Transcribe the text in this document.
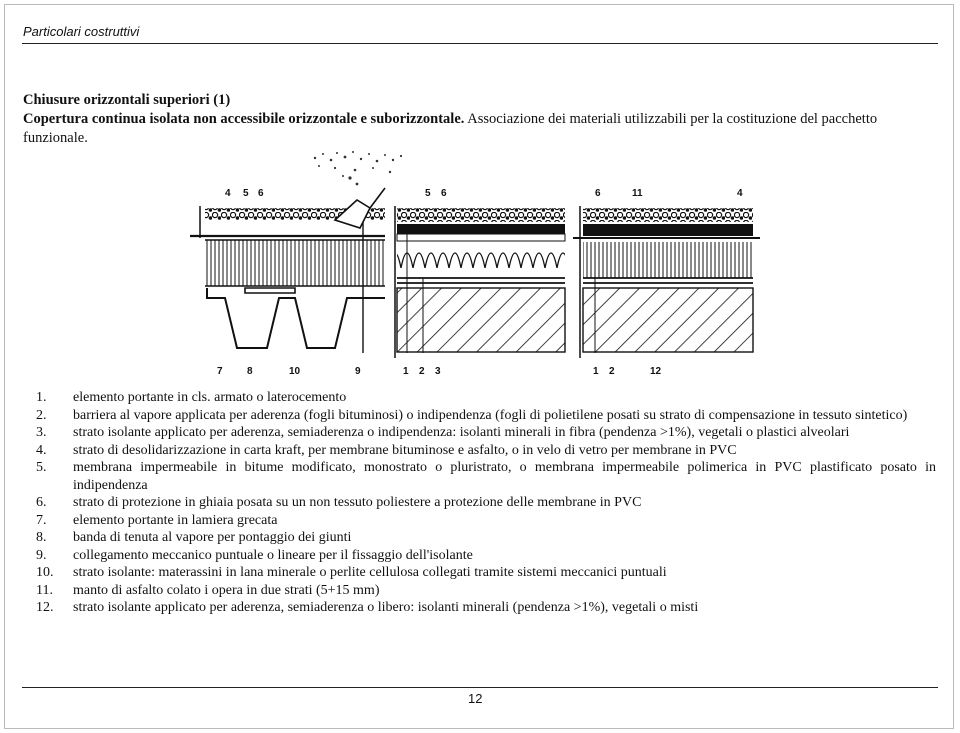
Particolari costruttivi
Chiusure orizzontali superiori (1)
Copertura continua isolata non accessibile orizzontale e suborizzontale. Associazione dei materiali utilizzabili per la costituzione del pacchetto funzionale.
4 5 6	5 6	6	11	4
7 8	10	9	1 2 3	1 2	12
1.	elemento portante in cls. armato o laterocemento
2.	barriera al vapore applicata per aderenza (fogli bituminosi) o indipendenza (fogli di polietilene posati su strato di compensazione in tessuto sintetico)
3.	strato isolante applicato per aderenza, semiaderenza o indipendenza: isolanti minerali in fibra (pendenza >1%), vegetali o plastici alveolari
4.	strato di desolidarizzazione in carta kraft, per membrane bituminose e asfalto, o in velo di vetro per membrane in PVC
5.	membrana impermeabile in bitume modificato, monostrato o pluristrato, o membrana impermeabile polimerica in PVC plastificato posato in indipendenza
6.	strato di protezione in ghiaia posata su un non tessuto poliestere a protezione delle membrane in PVC
7.	elemento portante in lamiera grecata
8.	banda di tenuta al vapore per pontaggio dei giunti
9.	collegamento meccanico puntuale o lineare per il fissaggio dell'isolante
10.	strato isolante: materassini in lana minerale o perlite cellulosa collegati tramite sistemi meccanici puntuali
11.	manto di asfalto colato i opera in due strati (5+15 mm)
12.	strato isolante applicato per aderenza, semiaderenza o libero: isolanti minerali (pendenza >1%), vegetali o misti
12
